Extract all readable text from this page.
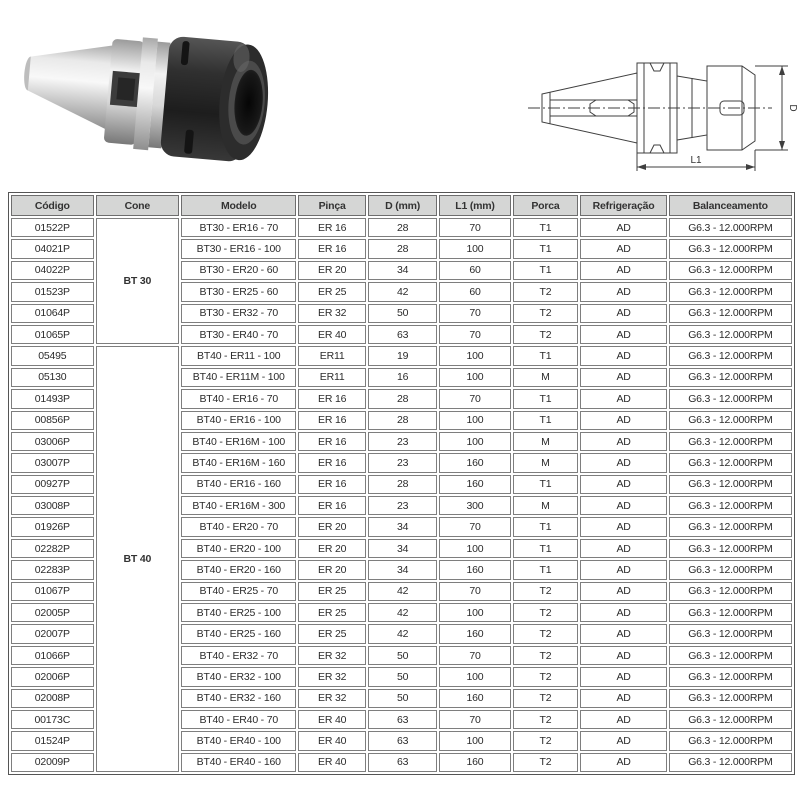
D
L1
Código	Cone	Modelo	Pinça	D (mm)	L1 (mm)	Porca	Refrigeração	Balanceamento
01522P	BT 30	BT30 - ER16 - 70	ER 16	28	70	T1	AD	G6.3 - 12.000RPM
04021P		BT30 - ER16 - 100	ER 16	28	100	T1	AD	G6.3 - 12.000RPM
04022P		BT30 - ER20 - 60	ER 20	34	60	T1	AD	G6.3 - 12.000RPM
01523P		BT30 - ER25 - 60	ER 25	42	60	T2	AD	G6.3 - 12.000RPM
01064P		BT30 - ER32 - 70	ER 32	50	70	T2	AD	G6.3 - 12.000RPM
01065P		BT30 - ER40 - 70	ER 40	63	70	T2	AD	G6.3 - 12.000RPM
05495	BT 40	BT40 - ER11 - 100	ER11	19	100	T1	AD	G6.3 - 12.000RPM
05130		BT40 - ER11M - 100	ER11	16	100	M	AD	G6.3 - 12.000RPM
01493P		BT40 - ER16 - 70	ER 16	28	70	T1	AD	G6.3 - 12.000RPM
00856P		BT40 - ER16 - 100	ER 16	28	100	T1	AD	G6.3 - 12.000RPM
03006P		BT40 - ER16M - 100	ER 16	23	100	M	AD	G6.3 - 12.000RPM
03007P		BT40 - ER16M - 160	ER 16	23	160	M	AD	G6.3 - 12.000RPM
00927P		BT40 - ER16 - 160	ER 16	28	160	T1	AD	G6.3 - 12.000RPM
03008P		BT40 - ER16M - 300	ER 16	23	300	M	AD	G6.3 - 12.000RPM
01926P		BT40 - ER20 - 70	ER 20	34	70	T1	AD	G6.3 - 12.000RPM
02282P		BT40 - ER20 - 100	ER 20	34	100	T1	AD	G6.3 - 12.000RPM
02283P		BT40 - ER20 - 160	ER 20	34	160	T1	AD	G6.3 - 12.000RPM
01067P		BT40 - ER25 - 70	ER 25	42	70	T2	AD	G6.3 - 12.000RPM
02005P		BT40 - ER25 - 100	ER 25	42	100	T2	AD	G6.3 - 12.000RPM
02007P		BT40 - ER25 - 160	ER 25	42	160	T2	AD	G6.3 - 12.000RPM
01066P		BT40 - ER32 - 70	ER 32	50	70	T2	AD	G6.3 - 12.000RPM
02006P		BT40 - ER32 - 100	ER 32	50	100	T2	AD	G6.3 - 12.000RPM
02008P		BT40 - ER32 - 160	ER 32	50	160	T2	AD	G6.3 - 12.000RPM
00173C		BT40 - ER40 - 70	ER 40	63	70	T2	AD	G6.3 - 12.000RPM
01524P		BT40 - ER40 - 100	ER 40	63	100	T2	AD	G6.3 - 12.000RPM
02009P		BT40 - ER40 - 160	ER 40	63	160	T2	AD	G6.3 - 12.000RPM
